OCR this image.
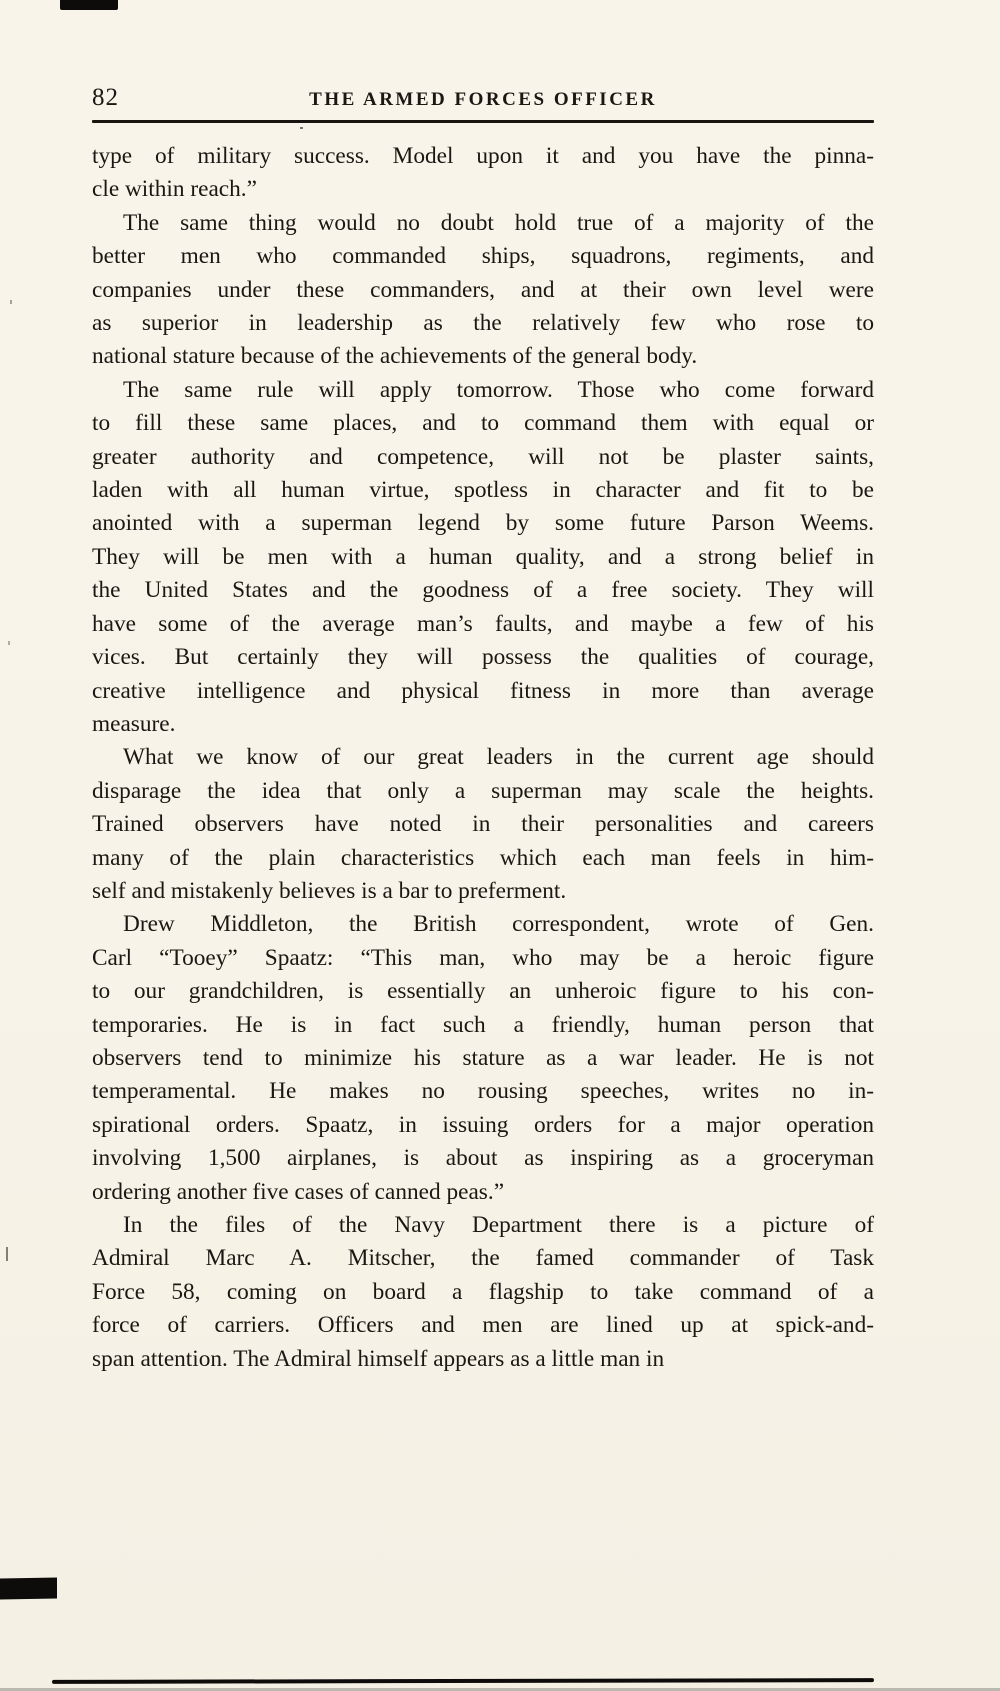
82	THE ARMED FORCES OFFICER
type of military success. Model upon it and you have the pinna-
cle within reach.”
The same thing would no doubt hold true of a majority of the
better men who commanded ships, squadrons, regiments, and
companies under these commanders, and at their own level were
as superior in leadership as the relatively few who rose to
national stature because of the achievements of the general body.
The same rule will apply tomorrow. Those who come forward
to fill these same places, and to command them with equal or
greater authority and competence, will not be plaster saints,
laden with all human virtue, spotless in character and fit to be
anointed with a superman legend by some future Parson Weems.
They will be men with a human quality, and a strong belief in
the United States and the goodness of a free society. They will
have some of the average man’s faults, and maybe a few of his
vices. But certainly they will possess the qualities of courage,
creative intelligence and physical fitness in more than average
measure.
What we know of our great leaders in the current age should
disparage the idea that only a superman may scale the heights.
Trained observers have noted in their personalities and careers
many of the plain characteristics which each man feels in him-
self and mistakenly believes is a bar to preferment.
Drew Middleton, the British correspondent, wrote of Gen.
Carl “Tooey” Spaatz: “This man, who may be a heroic figure
to our grandchildren, is essentially an unheroic figure to his con-
temporaries. He is in fact such a friendly, human person that
observers tend to minimize his stature as a war leader. He is not
temperamental. He makes no rousing speeches, writes no in-
spirational orders. Spaatz, in issuing orders for a major operation
involving 1,500 airplanes, is about as inspiring as a groceryman
ordering another five cases of canned peas.”
In the files of the Navy Department there is a picture of
Admiral Marc A. Mitscher, the famed commander of Task
Force 58, coming on board a flagship to take command of a
force of carriers. Officers and men are lined up at spick-and-
span attention. The Admiral himself appears as a little man in
